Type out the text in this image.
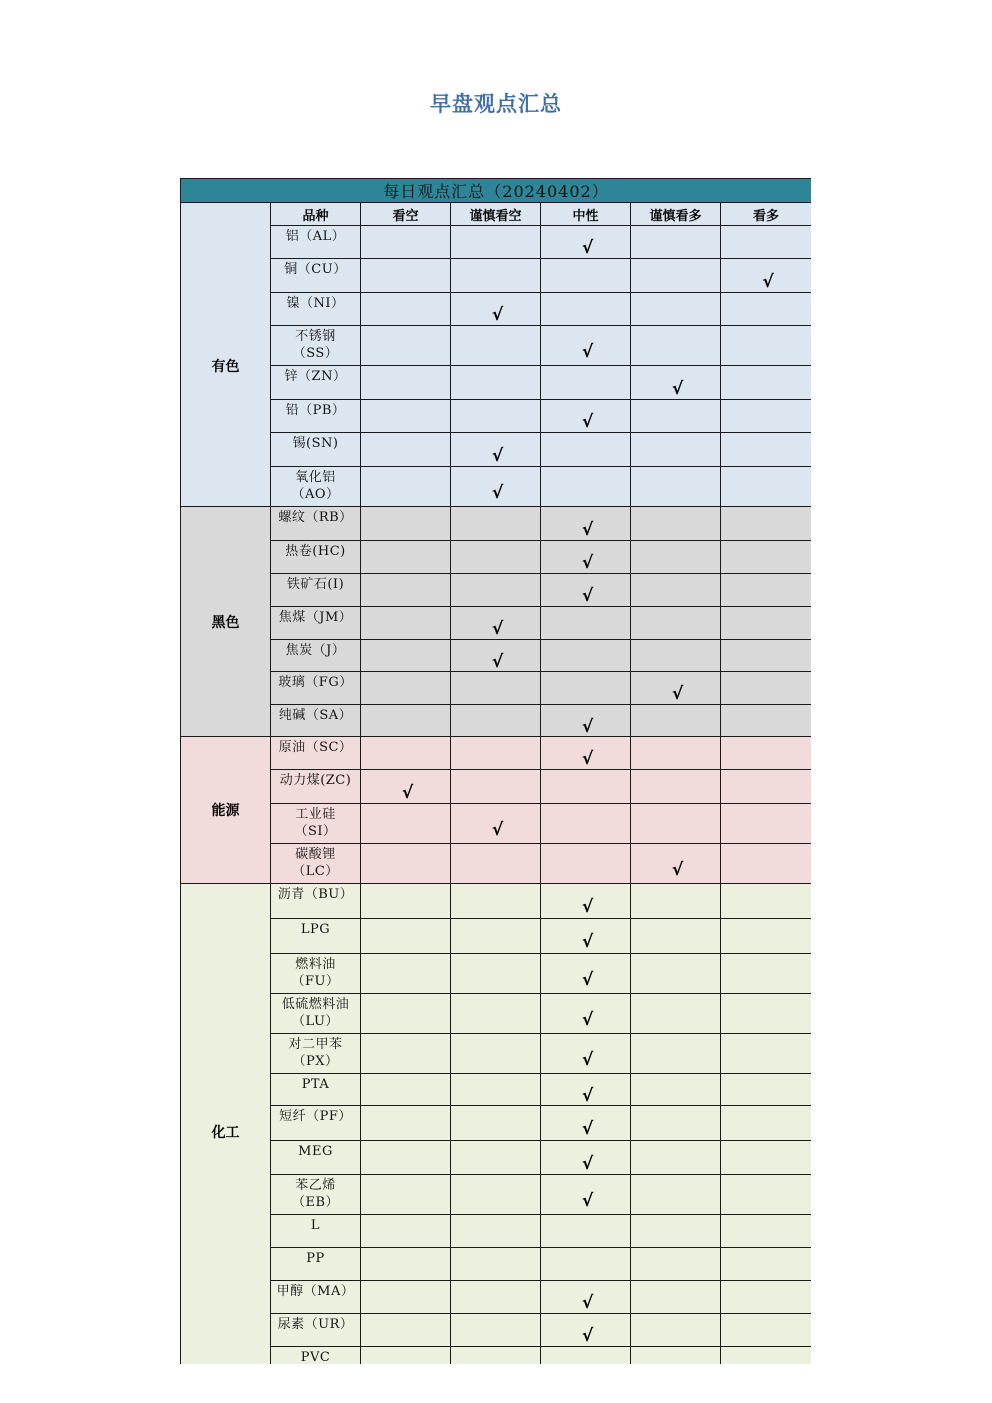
早盘观点汇总
每日观点汇总（20240402）						
	品种	看空	谨慎看空	中性	谨慎看多	看多
有色	铝（AL）			√		
	铜（CU）					√
	镍（NI）		√			
	不锈钢
（SS）			√		
	锌（ZN）				√	
	铅（PB）			√		
	锡(SN)		√			
	氧化铝
（AO）		√			
黑色	螺纹（RB）			√		
	热卷(HC)			√		
	铁矿石(I)			√		
	焦煤（JM）		√			
	焦炭（J）		√			
	玻璃（FG）				√	
	纯碱（SA）			√		
能源	原油（SC）			√		
	动力煤(ZC)	√				
	工业硅
（SI）		√			
	碳酸锂
（LC）				√	
化工	沥青（BU）			√		
	LPG			√		
	燃料油
（FU）			√		
	低硫燃料油
（LU）			√		
	对二甲苯
（PX）			√		
	PTA			√		
	短纤（PF）			√		
	MEG			√		
	苯乙烯
（EB）			√		
	L					
	PP					
	甲醇（MA）			√		
	尿素（UR）			√		
	PVC					
